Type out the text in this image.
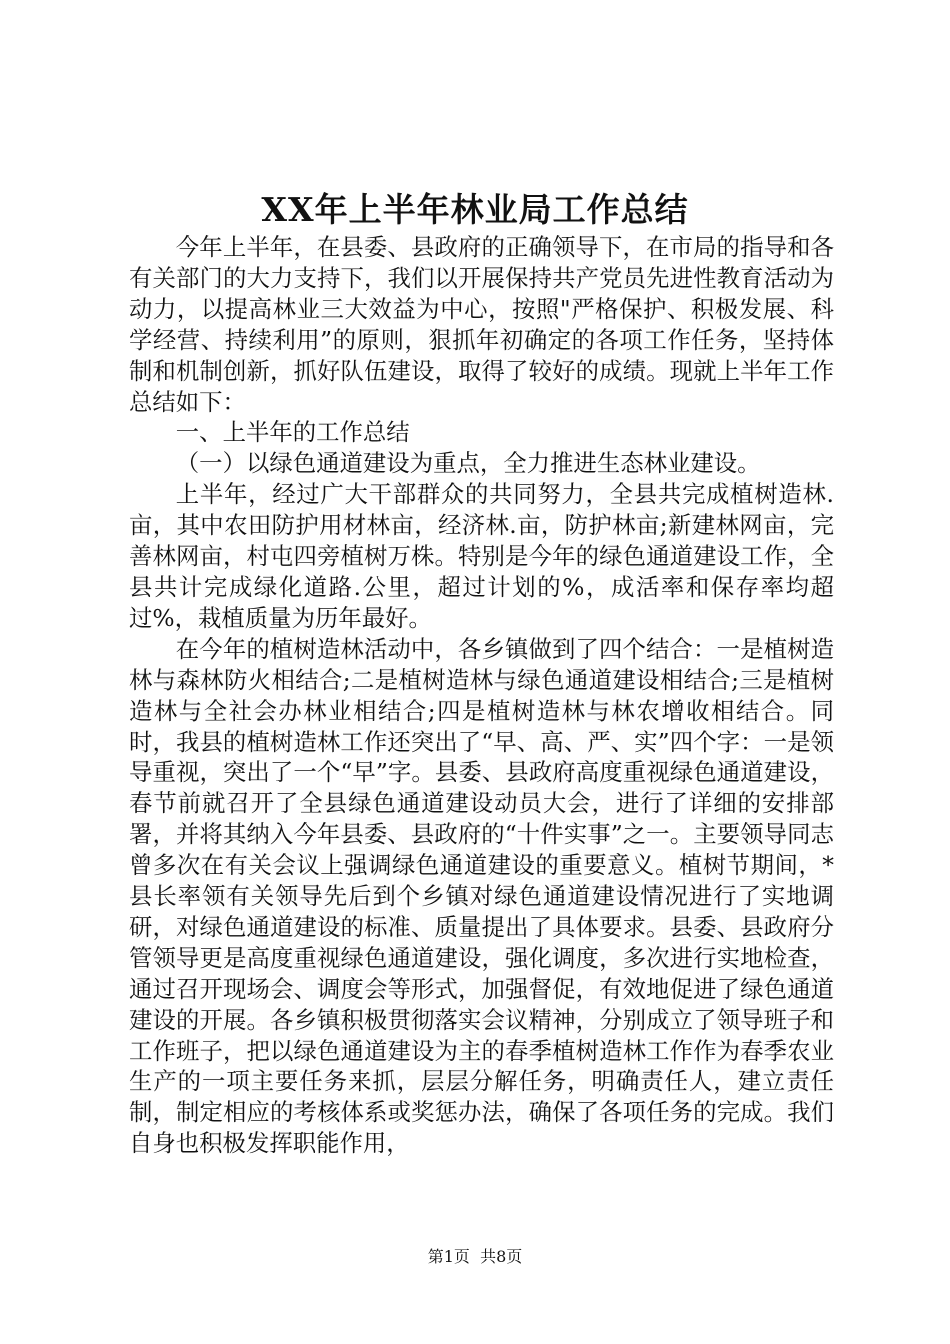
XX年上半年林业局工作总结

今年上半年，在县委、县政府的正确领导下，在市局的指导和各有关部门的大力支持下，我们以开展保持共产党员先进性教育活动为动力，以提高林业三大效益为中心，按照"严格保护、积极发展、科学经营、持续利用”的原则，狠抓年初确定的各项工作任务，坚持体制和机制创新，抓好队伍建设，取得了较好的成绩。现就上半年工作总结如下：

一、上半年的工作总结

（一）以绿色通道建设为重点，全力推进生态林业建设。

上半年，经过广大干部群众的共同努力，全县共完成植树造林.亩，其中农田防护用材林亩，经济林.亩，防护林亩;新建林网亩，完善林网亩，村屯四旁植树万株。特别是今年的绿色通道建设工作，全县共计完成绿化道路.公里，超过计划的%，成活率和保存率均超过%，栽植质量为历年最好。

在今年的植树造林活动中，各乡镇做到了四个结合：一是植树造林与森林防火相结合;二是植树造林与绿色通道建设相结合;三是植树造林与全社会办林业相结合;四是植树造林与林农增收相结合。同时，我县的植树造林工作还突出了“早、高、严、实”四个字：一是领导重视，突出了一个“早”字。县委、县政府高度重视绿色通道建设，春节前就召开了全县绿色通道建设动员大会，进行了详细的安排部署，并将其纳入今年县委、县政府的“十件实事”之一。主要领导同志曾多次在有关会议上强调绿色通道建设的重要意义。植树节期间，*县长率领有关领导先后到个乡镇对绿色通道建设情况进行了实地调研，对绿色通道建设的标准、质量提出了具体要求。县委、县政府分管领导更是高度重视绿色通道建设，强化调度，多次进行实地检查，通过召开现场会、调度会等形式，加强督促，有效地促进了绿色通道建设的开展。各乡镇积极贯彻落实会议精神，分别成立了领导班子和工作班子，把以绿色通道建设为主的春季植树造林工作作为春季农业生产的一项主要任务来抓，层层分解任务，明确责任人，建立责任制，制定相应的考核体系或奖惩办法，确保了各项任务的完成。我们自身也积极发挥职能作用，

第1页 共8页
